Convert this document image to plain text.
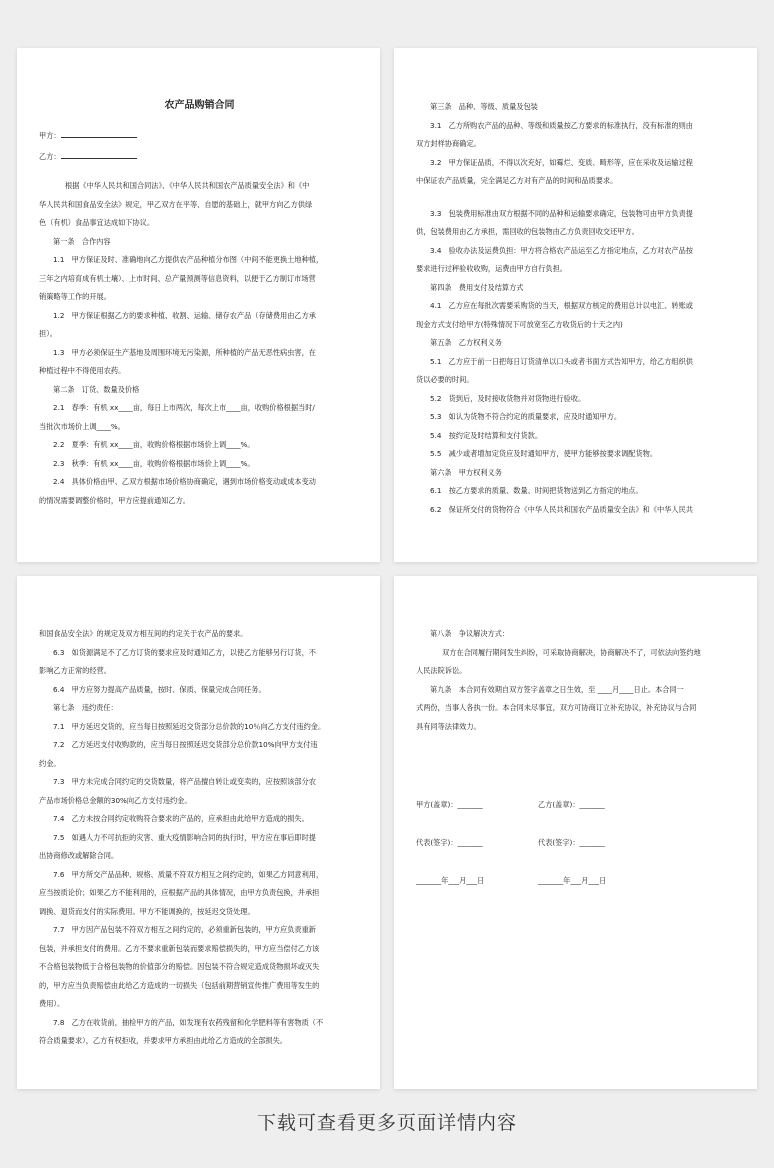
农产品购销合同
甲方：
乙方：
根据《中华人民共和国合同法》、《中华人民共和国农产品质量安全法》和《中
华人民共和国食品安全法》规定，甲乙双方在平等、自愿的基础上，就甲方向乙方供绿
色（有机）食品事宜达成如下协议。
第一条　合作内容
1.1　甲方保证及时、准确地向乙方提供农产品种植分布图（中间不能更换土地种植，
三年之内培育成有机土壤）、上市时间、总产量预测等信息资料，以便于乙方制订市场营
销策略等工作的开展。
1.2　甲方保证根据乙方的要求种植、收割、运输、储存农产品（存储费用由乙方承
担）。
1.3　甲方必须保证生产基地及周围环境无污染源，所种植的产品无恶性病虫害，在
种植过程中不得使用农药。
第二条　订货、数量及价格
2.1　春季：有机 xx____亩，每日上市两次，每次上市____亩，收购价格根据当时/
当批次市场价上调____%。
2.2　夏季：有机 xx____亩，收购价格根据市场价上调____%。
2.3　秋季：有机 xx____亩，收购价格根据市场价上调____%。
2.4　具体价格由甲、乙双方根据市场价格协商确定，遇到市场价格变动或成本变动
的情况需要调整价格时，甲方应提前通知乙方。
第三条　品种、等级、质量及包装
3.1　乙方所购农产品的品种、等级和质量按乙方要求的标准执行，没有标准的则由
双方封样协商确定。
3.2　甲方保证品质，不得以次充好，如霉烂、变质、畸形等，应在采收及运输过程
中保证农产品质量，完全满足乙方对有产品的时间和品质要求。
3.3　包装费用标准由双方根据不同的品种和运输要求确定，包装物可由甲方负责提
供，包装费用由乙方承担，需回收的包装物由乙方负责回收交还甲方。
3.4　验收办法及运费负担：甲方将合格农产品运至乙方指定地点，乙方对农产品按
要求进行过秤验收收购，运费由甲方自行负担。
第四条　费用支付及结算方式
4.1　乙方应在每批次需要采购货的当天，根据双方核定的费用总计以电汇、转账或
现金方式支付给甲方(特殊情况下可放宽至乙方收货后的十天之内)
第五条　乙方权利义务
5.1　乙方应于前一日把每日订货清单以口头或者书面方式告知甲方，给乙方组织供
货以必要的时间。
5.2　货到后，及时接收货物并对货物进行验收。
5.3　如认为货物不符合约定的质量要求，应及时通知甲方。
5.4　按约定及时结算和支付货款。
5.5　减少或者增加定货应及时通知甲方，使甲方能够按要求调配货物。
第六条　甲方权利义务
6.1　按乙方要求的质量、数量、时间把货物送到乙方指定的地点。
6.2　保证所交付的货物符合《中华人民共和国农产品质量安全法》和《中华人民共
和国食品安全法》的规定及双方相互间的约定关于农产品的要求。
6.3　如货源满足不了乙方订货的要求应及时通知乙方，以使乙方能够另行订货，不
影响乙方正常的经营。
6.4　甲方应努力提高产品质量，按时、保质、保量完成合同任务。
第七条　违约责任：
7.1　甲方延迟交货的，应当每日按照延迟交货部分总价款的10％向乙方支付违约金。
7.2　乙方延迟支付收购款的，应当每日按照延迟交货部分总价款10%向甲方支付违
约金。
7.3　甲方未完成合同约定的交货数量，将产品擅自转让或变卖的，应按照该部分农
产品市场价格总金额的30%向乙方支付违约金。
7.4　乙方未按合同约定收购符合要求的产品的，应承担由此给甲方造成的损失。
7.5　如遇人力不可抗拒的灾害、重大疫情影响合同的执行时，甲方应在事后即时提
出协商修改或解除合同。
7.6　甲方所交产品品种、规格、质量不符双方相互之间约定的，如果乙方同意利用，
应当按质论价；如果乙方不能利用的，应根据产品的具体情况，由甲方负责包换，并承担
调换、退货而支付的实际费用。甲方不能调换的，按延迟交货处理。
7.7　甲方因产品包装不符双方相互之间约定的，必须重新包装的，甲方应负责重新
包装，并承担支付的费用。乙方不要求重新包装而要求赔偿损失的，甲方应当偿付乙方该
不合格包装物低于合格包装物的价值部分的赔偿。因包装不符合规定造成货物损坏或灭失
的，甲方应当负责赔偿由此给乙方造成的一切损失（包括前期营销宣传推广费用等发生的
费用）。
7.8　乙方在收货前，抽检甲方的产品，如发现有农药残留和化学肥料等有害物质（不
符合质量要求），乙方有权拒收，并要求甲方承担由此给乙方造成的全部损失。
第八条　争议解决方式：
双方在合同履行期间发生纠纷，可采取协商解决，协商解决不了，可依法向签约地
人民法院诉讼。
第九条　本合同有效期自双方签字盖章之日生效，至 ____月____日止。本合同一
式两份，当事人各执一份。本合同未尽事宜，双方可协商订立补充协议，补充协议与合同
具有同等法律效力。
甲方(盖章)：_______	乙方(盖章)：_______
代表(签字)：_______	代表(签字)：_______
_______年___月___日	_______年___月___日
下载可查看更多页面详情内容
